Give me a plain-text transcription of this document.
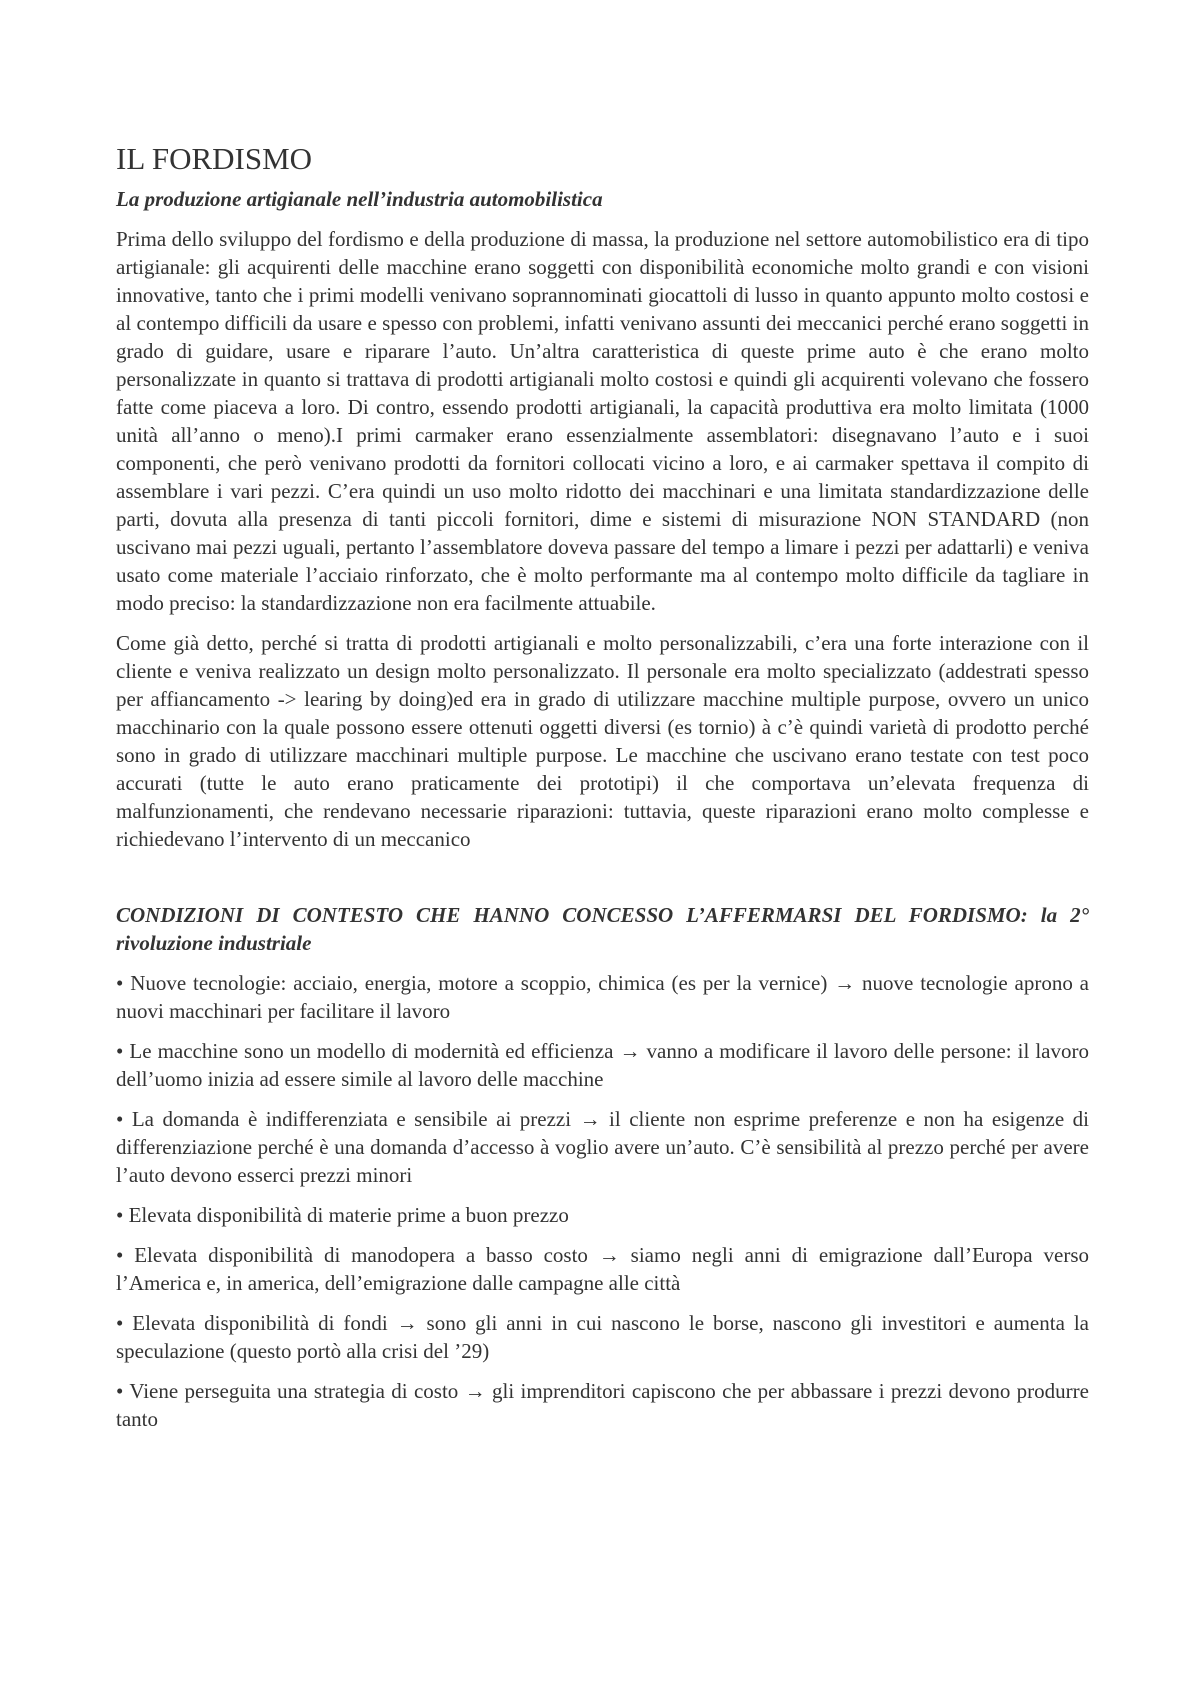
IL FORDISMO
La produzione artigianale nell’industria automobilistica

Prima dello sviluppo del fordismo e della produzione di massa, la produzione nel settore automobilistico era di tipo artigianale: gli acquirenti delle macchine erano soggetti con disponibilità economiche molto grandi e con visioni innovative, tanto che i primi modelli venivano soprannominati giocattoli di lusso in quanto appunto molto costosi e al contempo difficili da usare e spesso con problemi, infatti venivano assunti dei meccanici perché erano soggetti in grado di guidare, usare e riparare l’auto. Un’altra caratteristica di queste prime auto è che erano molto personalizzate in quanto si trattava di prodotti artigianali molto costosi e quindi gli acquirenti volevano che fossero fatte come piaceva a loro. Di contro, essendo prodotti artigianali, la capacità produttiva era molto limitata (1000 unità all’anno o meno).I primi carmaker erano essenzialmente assemblatori: disegnavano l’auto e i suoi componenti, che però venivano prodotti da fornitori collocati vicino a loro, e ai carmaker spettava il compito di assemblare i vari pezzi. C’era quindi un uso molto ridotto dei macchinari e una limitata standardizzazione delle parti, dovuta alla presenza di tanti piccoli fornitori, dime e sistemi di misurazione NON STANDARD (non uscivano mai pezzi uguali, pertanto l’assemblatore doveva passare del tempo a limare i pezzi per adattarli) e veniva usato come materiale l’acciaio rinforzato, che è molto performante ma al contempo molto difficile da tagliare in modo preciso: la standardizzazione non era facilmente attuabile.

Come già detto, perché si tratta di prodotti artigianali e molto personalizzabili, c’era una forte interazione con il cliente e veniva realizzato un design molto personalizzato. Il personale era molto specializzato (addestrati spesso per affiancamento -> learing by doing)ed era in grado di utilizzare macchine multiple purpose, ovvero un unico macchinario con la quale possono essere ottenuti oggetti diversi (es tornio) à c’è quindi varietà di prodotto perché sono in grado di utilizzare macchinari multiple purpose. Le macchine che uscivano erano testate con test poco accurati (tutte le auto erano praticamente dei prototipi) il che comportava un’elevata frequenza di malfunzionamenti, che rendevano necessarie riparazioni: tuttavia, queste riparazioni erano molto complesse e richiedevano l’intervento di un meccanico

CONDIZIONI DI CONTESTO CHE HANNO CONCESSO L’AFFERMARSI DEL FORDISMO: la 2° rivoluzione industriale

• Nuove tecnologie: acciaio, energia, motore a scoppio, chimica (es per la vernice) → nuove tecnologie aprono a nuovi macchinari per facilitare il lavoro

• Le macchine sono un modello di modernità ed efficienza → vanno a modificare il lavoro delle persone: il lavoro dell’uomo inizia ad essere simile al lavoro delle macchine

• La domanda è indifferenziata e sensibile ai prezzi → il cliente non esprime preferenze e non ha esigenze di differenziazione perché è una domanda d’accesso à voglio avere un’auto. C’è sensibilità al prezzo perché per avere l’auto devono esserci prezzi minori

• Elevata disponibilità di materie prime a buon prezzo

• Elevata disponibilità di manodopera a basso costo → siamo negli anni di emigrazione dall’Europa verso l’America e, in america, dell’emigrazione dalle campagne alle città

• Elevata disponibilità di fondi → sono gli anni in cui nascono le borse, nascono gli investitori e aumenta la speculazione (questo portò alla crisi del ’29)

• Viene perseguita una strategia di costo → gli imprenditori capiscono che per abbassare i prezzi devono produrre tanto
